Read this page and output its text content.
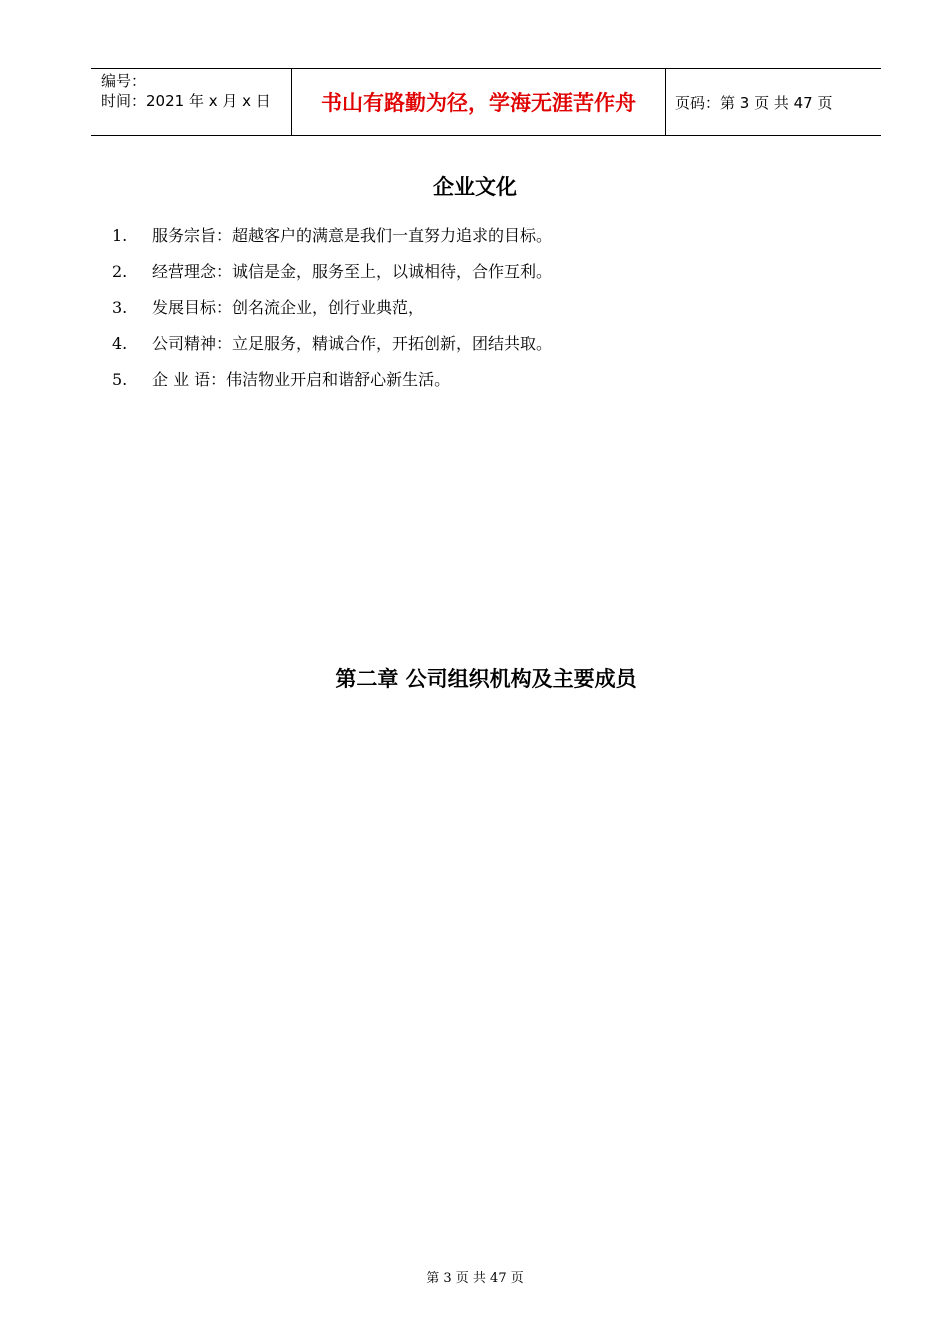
编号：
时间：2021 年 x 月 x 日	书山有路勤为径，学海无涯苦作舟	页码：第 3 页 共 47 页
企业文化
1.	服务宗旨：超越客户的满意是我们一直努力追求的目标。
2.	经营理念：诚信是金，服务至上，以诚相待，合作互利。
3.	发展目标：创名流企业，创行业典范，
4.	公司精神：立足服务，精诚合作，开拓创新，团结共取。
5.	企 业 语：伟洁物业开启和谐舒心新生活。
第二章 公司组织机构及主要成员
第 3 页 共 47 页
